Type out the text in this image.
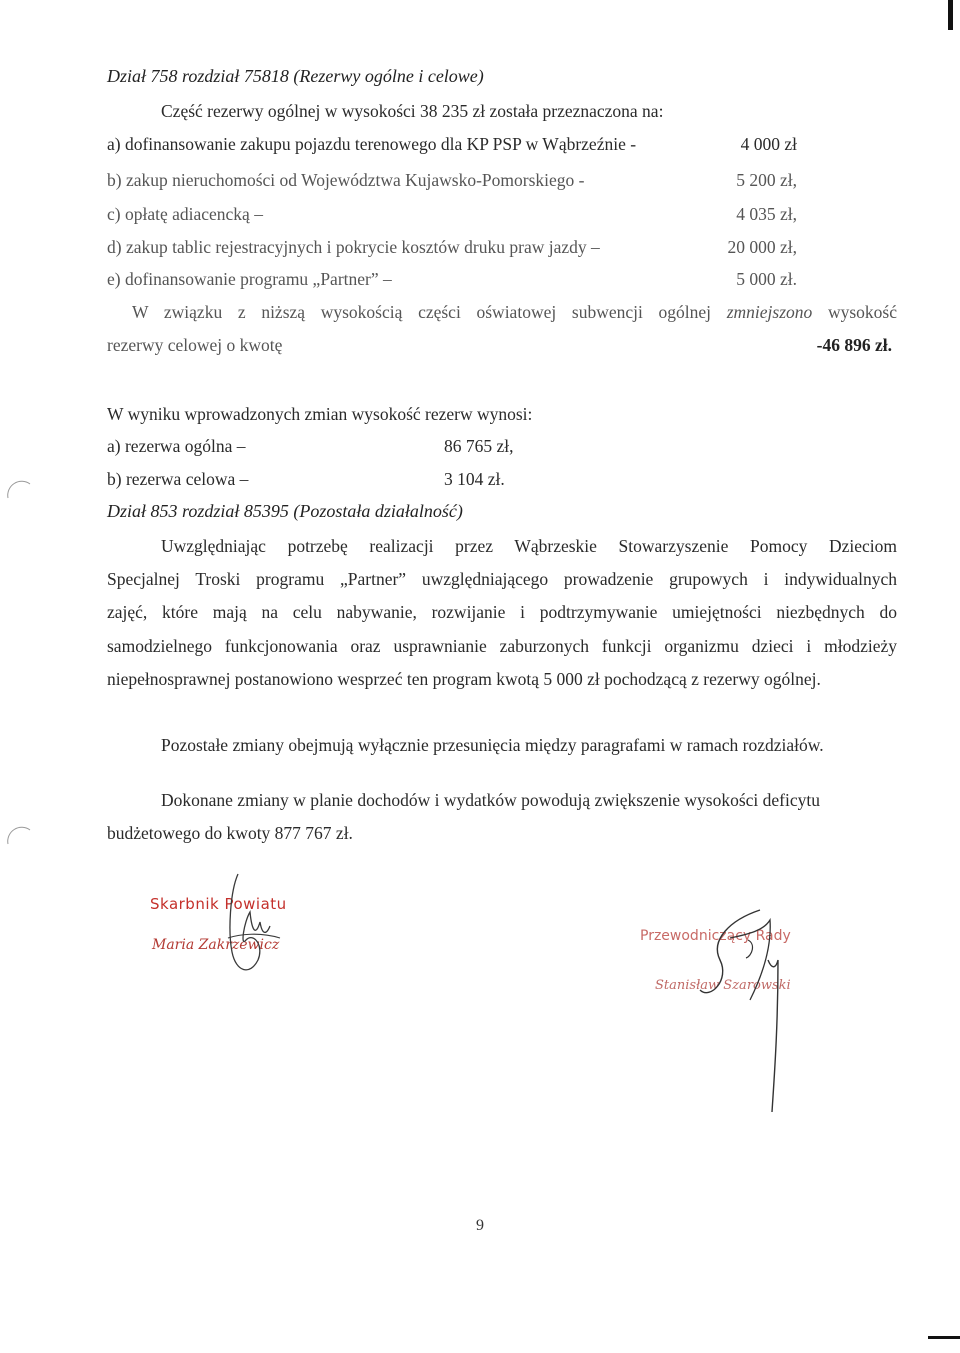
Dział 758 rozdział 75818 (Rezerwy ogólne i celowe)
Część rezerwy ogólnej w wysokości 38 235 zł została przeznaczona na:
a) dofinansowanie zakupu pojazdu terenowego dla KP PSP w Wąbrzeźnie -	4 000 zł
b) zakup nieruchomości od Województwa Kujawsko-Pomorskiego -	5 200 zł,
c) opłatę adiacencką –	4 035 zł,
d) zakup tablic rejestracyjnych i pokrycie kosztów druku praw jazdy –	20 000 zł,
e) dofinansowanie programu „Partner” –	5 000 zł.
W związku z niższą wysokością części oświatowej subwencji ogólnej zmniejszono wysokość
rezerwy celowej o kwotę	-46 896 zł.
W wyniku wprowadzonych zmian wysokość rezerw wynosi:
a) rezerwa ogólna –	86 765 zł,
b) rezerwa celowa –	3 104 zł.
Dział 853 rozdział 85395 (Pozostała działalność)
Uwzględniając potrzebę realizacji przez Wąbrzeskie Stowarzyszenie Pomocy Dzieciom
Specjalnej Troski programu „Partner” uwzględniającego prowadzenie grupowych i indywidualnych
zajęć, które mają na celu nabywanie, rozwijanie i podtrzymywanie umiejętności niezbędnych do
samodzielnego funkcjonowania oraz usprawnianie zaburzonych funkcji organizmu dzieci i młodzieży
niepełnosprawnej postanowiono wesprzeć ten program kwotą 5 000 zł pochodzącą z rezerwy ogólnej.
Pozostałe zmiany obejmują wyłącznie przesunięcia między paragrafami w ramach rozdziałów.
Dokonane zmiany w planie dochodów i wydatków powodują zwiększenie wysokości deficytu
budżetowego do kwoty 877 767 zł.
Skarbnik Powiatu
Maria Zakrzewicz
Przewodniczący Rady
Stanisław Szarowski
9
